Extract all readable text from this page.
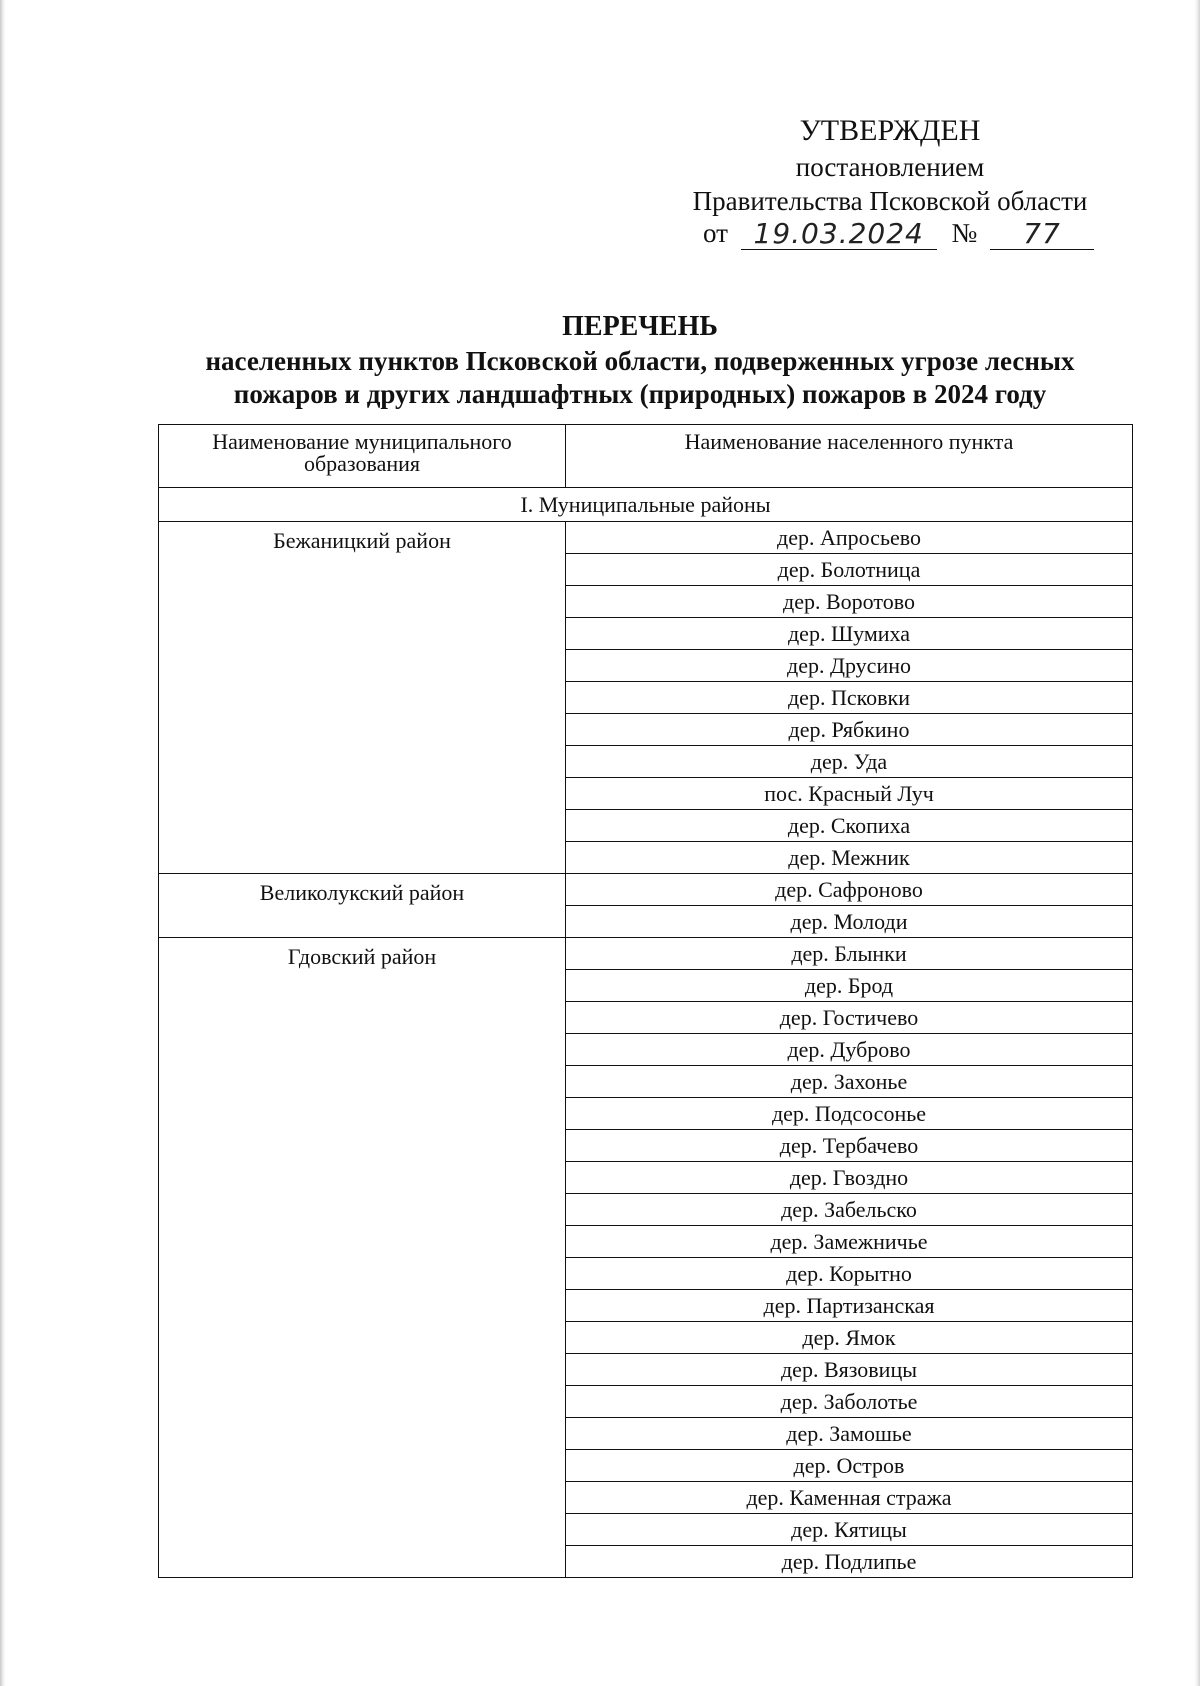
УТВЕРЖДЕН
постановлением
Правительства Псковской области
от 19.03.2024 № 77
ПЕРЕЧЕНЬ
населенных пунктов Псковской области, подверженных угрозе лесных
пожаров и других ландшафтных (природных) пожаров в 2024 году
Наименование муниципального образования	Наименование населенного пункта
I. Муниципальные районы	
Бежаницкий район	дер. Апросьево
	дер. Болотница
	дер. Воротово
	дер. Шумиха
	дер. Друсино
	дер. Псковки
	дер. Рябкино
	дер. Уда
	пос. Красный Луч
	дер. Скопиха
	дер. Межник
Великолукский район	дер. Сафроново
	дер. Молоди
Гдовский район	дер. Блынки
	дер. Брод
	дер. Гостичево
	дер. Дуброво
	дер. Захонье
	дер. Подсосонье
	дер. Тербачево
	дер. Гвоздно
	дер. Забельско
	дер. Замежничье
	дер. Корытно
	дер. Партизанская
	дер. Ямок
	дер. Вязовицы
	дер. Заболотье
	дер. Замошье
	дер. Остров
	дер. Каменная стража
	дер. Кятицы
	дер. Подлипье
